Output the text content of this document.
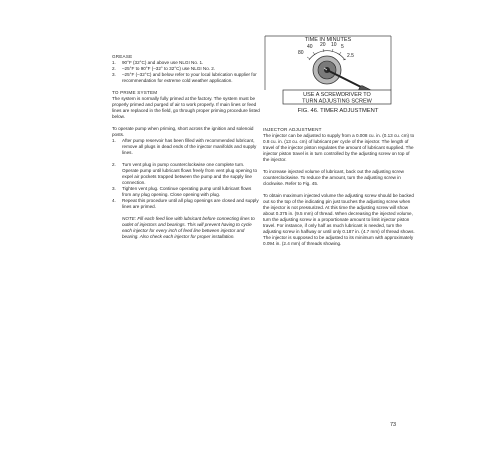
GREASE
1.	90°F (32°C) and above use NLGI No. 1.
2.	–25°F to 90°F (–32° to 32°C) use NLGI No. 2.
3.	–25°F (–32°C) and below refer to your local lubrication supplier for recommendation for extreme cold weather application.
TO PRIME SYSTEM

The system is normally fully primed at the factory. The system must be properly primed and purged of air to work properly. If main lines or feed lines are replaced in the field, go through proper priming procedure listed below.

To operate pump when priming, short across the ignition and solenoid posts.

1.	After pump reservoir has been filled with recommended lubricant, remove all plugs in dead ends of the injector manifolds and supply lines.
2.	Turn vent plug in pump counterclockwise one complete turn. Operate pump until lubricant flows freely from vent plug opening to expel air pockets trapped between the pump and the supply line connection.
3.	Tighten vent plug. Continue operating pump until lubricant flows from any plug opening. Close opening with plug.
4.	Repeat this procedure until all plug openings are closed and supply lines are primed.

NOTE: Fill each feed line with lubricant before connecting lines to outlet of injectors and bearings. This will prevent having to cycle each injector for every inch of feed line between injector and bearing. Also check each injector for proper installation.

TIME IN MINUTES
40 20 10 5
80	2.5
USE A SCREWDRIVER TO
TURN ADJUSTING SCREW
FIG. 46. TIMER ADJUSTMENT
INJECTOR ADJUSTMENT

The injector can be adjusted to supply from a 0.008 cu. in. (0.13 cu. cm) to 0.8 cu. in. (13 cu. cm) of lubricant per cycle of the injector. The length of travel of the injector piston regulates the amount of lubricant supplied. The injector piston travel is in turn controlled by the adjusting screw on top of the injector.

To increase injected volume of lubricant, back out the adjusting screw counterclockwise. To reduce the amount, turn the adjusting screw in clockwise. Refer to Fig. 45.

To obtain maximum injected volume the adjusting screw should be backed out so the top of the indicating pin just touches the adjusting screw when the injector is not pressurized. At this time the adjusting screw will show about 0.375 in. (9.5 mm) of thread. When decreasing the injected volume, turn the adjusting screw in a proportionate amount to limit injector piston travel. For instance, if only half as much lubricant is needed, turn the adjusting screw in halfway or until only 0.187 in. (4.7 mm) of thread shows. The injector is supposed to be adjusted to its minimum with approximately 0.094 in. (2.4 mm) of threads showing.

73
